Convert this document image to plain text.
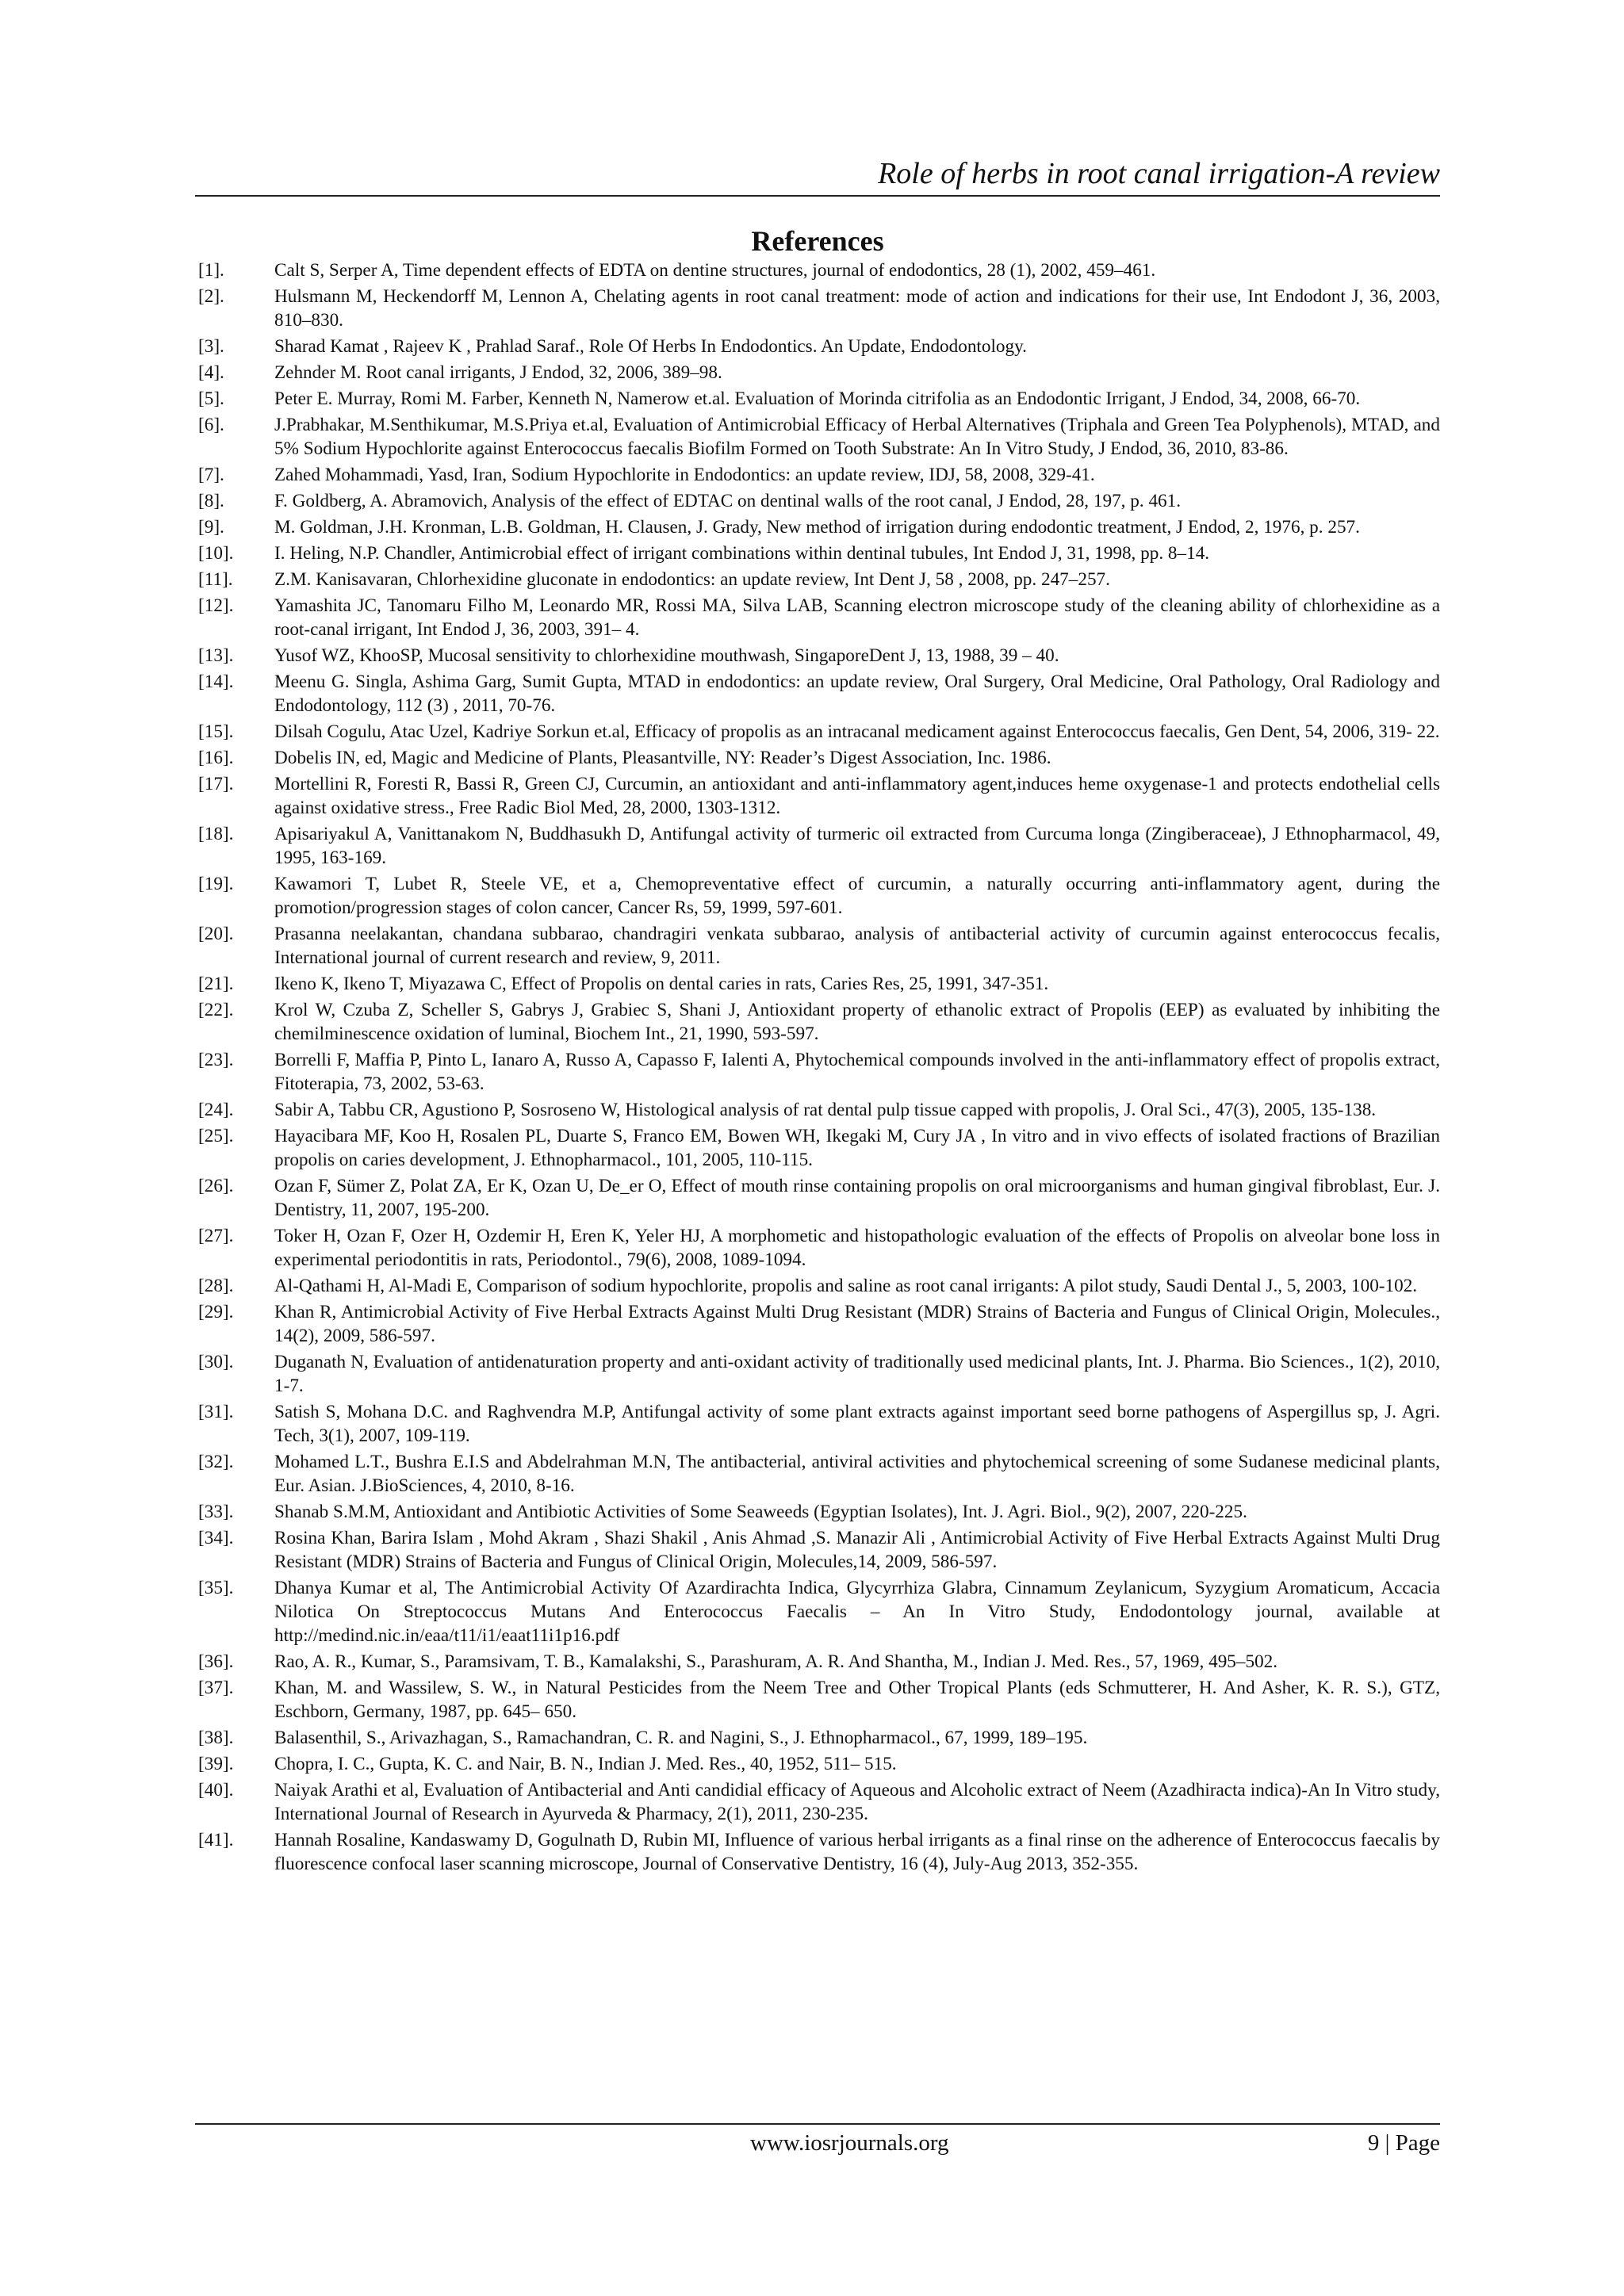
Role of herbs in root canal irrigation-A review
References
[1].	Calt S, Serper A, Time dependent effects of EDTA on dentine structures, journal of endodontics, 28 (1), 2002, 459–461.
[2].	Hulsmann M, Heckendorff M, Lennon A, Chelating agents in root canal treatment: mode of action and indications for their use, Int Endodont J, 36, 2003, 810–830.
[3].	Sharad Kamat , Rajeev K , Prahlad Saraf., Role Of Herbs In Endodontics. An Update, Endodontology.
[4].	Zehnder M. Root canal irrigants, J Endod, 32, 2006, 389–98.
[5].	Peter E. Murray, Romi M. Farber, Kenneth N, Namerow et.al. Evaluation of Morinda citrifolia as an Endodontic Irrigant, J Endod, 34, 2008, 66-70.
[6].	J.Prabhakar, M.Senthikumar, M.S.Priya et.al, Evaluation of Antimicrobial Efficacy of Herbal Alternatives (Triphala and Green Tea Polyphenols), MTAD, and 5% Sodium Hypochlorite against Enterococcus faecalis Biofilm Formed on Tooth Substrate: An In Vitro Study, J Endod, 36, 2010, 83-86.
[7].	Zahed Mohammadi, Yasd, Iran, Sodium Hypochlorite in Endodontics: an update review, IDJ, 58, 2008, 329-41.
[8].	F. Goldberg, A. Abramovich, Analysis of the effect of EDTAC on dentinal walls of the root canal, J Endod, 28, 197, p. 461.
[9].	M. Goldman, J.H. Kronman, L.B. Goldman, H. Clausen, J. Grady, New method of irrigation during endodontic treatment, J Endod, 2, 1976, p. 257.
[10]. I. Heling, N.P. Chandler, Antimicrobial effect of irrigant combinations within dentinal tubules, Int Endod J, 31, 1998, pp. 8–14.
[11]. Z.M. Kanisavaran, Chlorhexidine gluconate in endodontics: an update review, Int Dent J, 58 , 2008, pp. 247–257.
[12]. Yamashita JC, Tanomaru Filho M, Leonardo MR, Rossi MA, Silva LAB, Scanning electron microscope study of the cleaning ability of chlorhexidine as a root-canal irrigant, Int Endod J, 36, 2003, 391– 4.
[13]. Yusof WZ, KhooSP, Mucosal sensitivity to chlorhexidine mouthwash, SingaporeDent J, 13, 1988, 39 – 40.
[14]. Meenu G. Singla, Ashima Garg, Sumit Gupta, MTAD in endodontics: an update review, Oral Surgery, Oral Medicine, Oral Pathology, Oral Radiology and Endodontology, 112 (3) , 2011, 70-76.
[15]. Dilsah Cogulu, Atac Uzel, Kadriye Sorkun et.al, Efficacy of propolis as an intracanal medicament against Enterococcus faecalis, Gen Dent, 54, 2006, 319- 22.
[16]. Dobelis IN, ed, Magic and Medicine of Plants, Pleasantville, NY: Reader’s Digest Association, Inc. 1986.
[17]. Mortellini R, Foresti R, Bassi R, Green CJ, Curcumin, an antioxidant and anti-inflammatory agent,induces heme oxygenase-1 and protects endothelial cells against oxidative stress., Free Radic Biol Med, 28, 2000, 1303-1312.
[18]. Apisariyakul A, Vanittanakom N, Buddhasukh D, Antifungal activity of turmeric oil extracted from Curcuma longa (Zingiberaceae), J Ethnopharmacol, 49, 1995, 163-169.
[19]. Kawamori T, Lubet R, Steele VE, et a, Chemopreventative effect of curcumin, a naturally occurring anti-inflammatory agent, during the promotion/progression stages of colon cancer, Cancer Rs, 59, 1999, 597-601.
[20]. Prasanna neelakantan, chandana subbarao, chandragiri venkata subbarao, analysis of antibacterial activity of curcumin against enterococcus fecalis, International journal of current research and review, 9, 2011.
[21]. Ikeno K, Ikeno T, Miyazawa C, Effect of Propolis on dental caries in rats, Caries Res, 25, 1991, 347-351.
[22]. Krol W, Czuba Z, Scheller S, Gabrys J, Grabiec S, Shani J, Antioxidant property of ethanolic extract of Propolis (EEP) as evaluated by inhibiting the chemilminescence oxidation of luminal, Biochem Int., 21, 1990, 593-597.
[23]. Borrelli F, Maffia P, Pinto L, Ianaro A, Russo A, Capasso F, Ialenti A, Phytochemical compounds involved in the anti-inflammatory effect of propolis extract, Fitoterapia, 73, 2002, 53-63.
[24]. Sabir A, Tabbu CR, Agustiono P, Sosroseno W, Histological analysis of rat dental pulp tissue capped with propolis, J. Oral Sci., 47(3), 2005, 135-138.
[25]. Hayacibara MF, Koo H, Rosalen PL, Duarte S, Franco EM, Bowen WH, Ikegaki M, Cury JA , In vitro and in vivo effects of isolated fractions of Brazilian propolis on caries development, J. Ethnopharmacol., 101, 2005, 110-115.
[26]. Ozan F, Sümer Z, Polat ZA, Er K, Ozan U, De_er O, Effect of mouth rinse containing propolis on oral microorganisms and human gingival fibroblast, Eur. J. Dentistry, 11, 2007, 195-200.
[27]. Toker H, Ozan F, Ozer H, Ozdemir H, Eren K, Yeler HJ, A morphometic and histopathologic evaluation of the effects of Propolis on alveolar bone loss in experimental periodontitis in rats, Periodontol., 79(6), 2008, 1089-1094.
[28]. Al-Qathami H, Al-Madi E, Comparison of sodium hypochlorite, propolis and saline as root canal irrigants: A pilot study, Saudi Dental J., 5, 2003, 100-102.
[29]. Khan R, Antimicrobial Activity of Five Herbal Extracts Against Multi Drug Resistant (MDR) Strains of Bacteria and Fungus of Clinical Origin, Molecules., 14(2), 2009, 586-597.
[30]. Duganath N, Evaluation of antidenaturation property and anti-oxidant activity of traditionally used medicinal plants, Int. J. Pharma. Bio Sciences., 1(2), 2010, 1-7.
[31]. Satish S, Mohana D.C. and Raghvendra M.P, Antifungal activity of some plant extracts against important seed borne pathogens of Aspergillus sp, J. Agri. Tech, 3(1), 2007, 109-119.
[32]. Mohamed L.T., Bushra E.I.S and Abdelrahman M.N, The antibacterial, antiviral activities and phytochemical screening of some Sudanese medicinal plants, Eur. Asian. J.BioSciences, 4, 2010, 8-16.
[33]. Shanab S.M.M, Antioxidant and Antibiotic Activities of Some Seaweeds (Egyptian Isolates), Int. J. Agri. Biol., 9(2), 2007, 220-225.
[34]. Rosina Khan, Barira Islam , Mohd Akram , Shazi Shakil , Anis Ahmad ,S. Manazir Ali , Antimicrobial Activity of Five Herbal Extracts Against Multi Drug Resistant (MDR) Strains of Bacteria and Fungus of Clinical Origin, Molecules,14, 2009, 586-597.
[35]. Dhanya Kumar et al, The Antimicrobial Activity Of Azardirachta Indica, Glycyrrhiza Glabra, Cinnamum Zeylanicum, Syzygium Aromaticum, Accacia Nilotica On Streptococcus Mutans And Enterococcus Faecalis – An In Vitro Study, Endodontology journal, available at http://medind.nic.in/eaa/t11/i1/eaat11i1p16.pdf
[36]. Rao, A. R., Kumar, S., Paramsivam, T. B., Kamalakshi, S., Parashuram, A. R. And Shantha, M., Indian J. Med. Res., 57, 1969, 495–502.
[37]. Khan, M. and Wassilew, S. W., in Natural Pesticides from the Neem Tree and Other Tropical Plants (eds Schmutterer, H. And Asher, K. R. S.), GTZ, Eschborn, Germany, 1987, pp. 645– 650.
[38]. Balasenthil, S., Arivazhagan, S., Ramachandran, C. R. and Nagini, S., J. Ethnopharmacol., 67, 1999, 189–195.
[39]. Chopra, I. C., Gupta, K. C. and Nair, B. N., Indian J. Med. Res., 40, 1952, 511– 515.
[40]. Naiyak Arathi et al, Evaluation of Antibacterial and Anti candidial efficacy of Aqueous and Alcoholic extract of Neem (Azadhiracta indica)-An In Vitro study, International Journal of Research in Ayurveda & Pharmacy, 2(1), 2011, 230-235.
[41]. Hannah Rosaline, Kandaswamy D, Gogulnath D, Rubin MI, Influence of various herbal irrigants as a final rinse on the adherence of Enterococcus faecalis by fluorescence confocal laser scanning microscope, Journal of Conservative Dentistry, 16 (4), July-Aug 2013, 352-355.
www.iosrjournals.org	9 | Page
